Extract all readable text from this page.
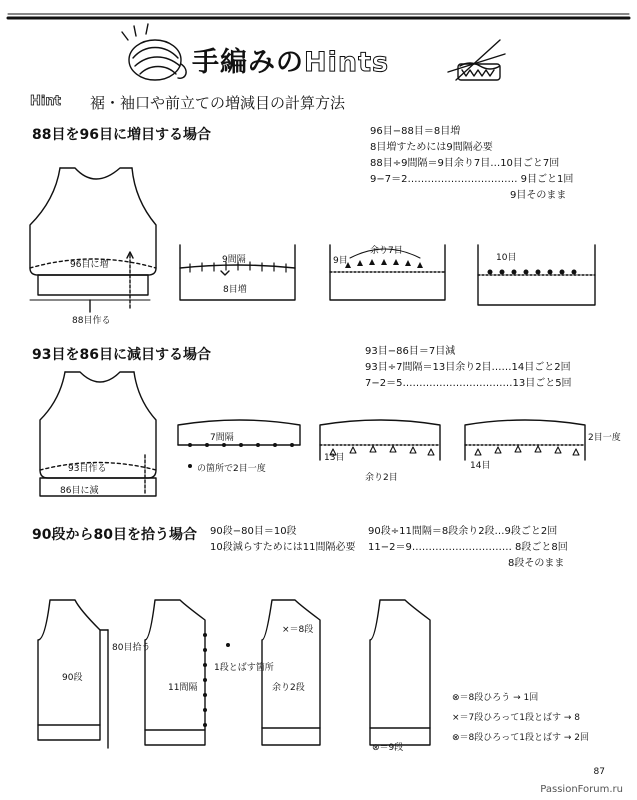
手編みのHints
Hint 裾・袖口や前立ての増減目の計算方法
88目を96目に増目する場合	96目−88目＝8目増
8目増すためには9間隔必要
88目÷9間隔＝9目余り7目…10目ごと7回
9−7＝2…………………………… 9目ごと1回
9目そのまま
96目に増
88目作る
9間隔
8目増
余り7目
9目	10目
93目を86目に減目する場合	93目−86目＝7目減
93目÷7間隔＝13目余り2目……14目ごと2回
7−2＝5……………………………13目ごと5回
93目作る
86目に減
7間隔
の箇所で2目一度
余り2目
13目
14目
2目一度
90段から80目を拾う場合 90段−80目＝10段
10段減らすためには11間隔必要
90段÷11間隔＝8段余り2段…9段ごと2回
11−2＝9………………………… 8段ごと8回
8段そのまま
80目拾う
90段
11間隔
1段とばす箇所
×＝8段
余り2段
⊗＝9段
⊗＝8段ひろう → 1回
×＝7段ひろって1段とばす → 8
⊗＝8段ひろって1段とばす → 2回
87
PassionForum.ru
